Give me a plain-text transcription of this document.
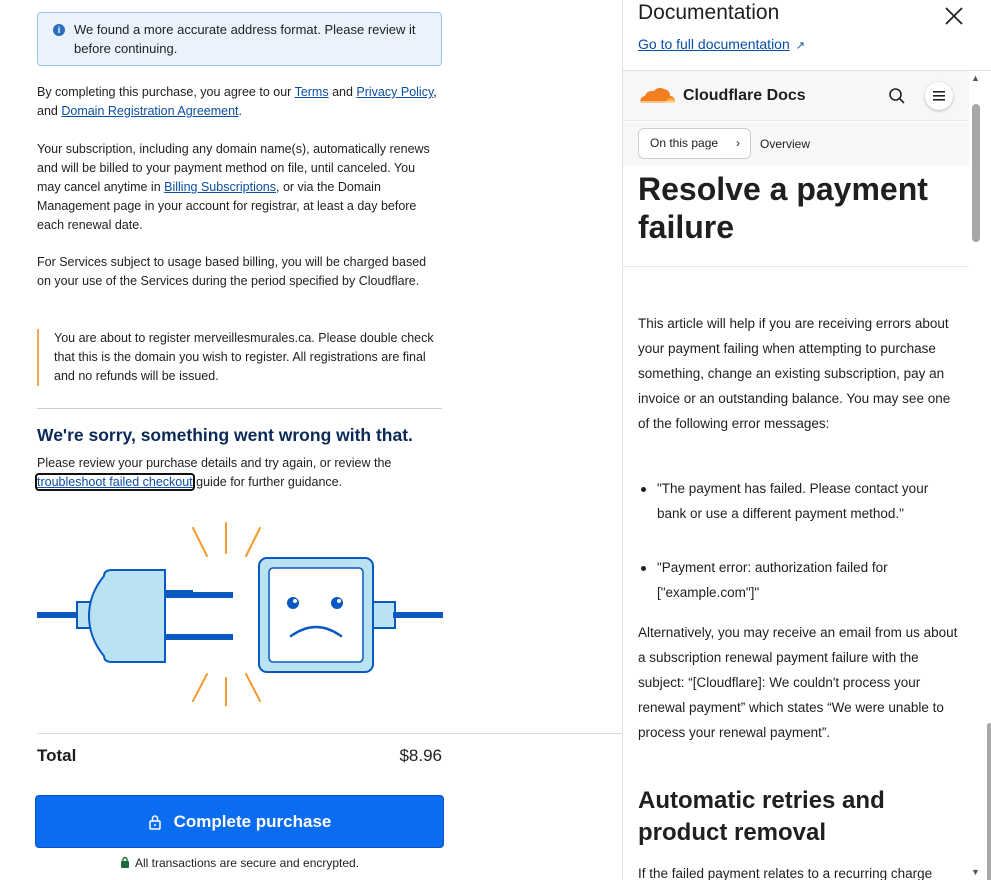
i	We found a more accurate address format. Please review it before continuing.
By completing this purchase, you agree to our Terms and Privacy Policy, and Domain Registration Agreement.
Your subscription, including any domain name(s), automatically renews and will be billed to your payment method on file, until canceled. You may cancel anytime in Billing Subscriptions, or via the Domain Management page in your account for registrar, at least a day before each renewal date.
For Services subject to usage based billing, you will be charged based on your use of the Services during the period specified by Cloudflare.
You are about to register merveillesmurales.ca. Please double check that this is the domain you wish to register. All registrations are final and no refunds will be issued.
We're sorry, something went wrong with that.
Please review your purchase details and try again, or review the troubleshoot failed checkout guide for further guidance.
Total	$8.96
Complete purchase
All transactions are secure and encrypted.
Documentation
Go to full documentation ↗
Cloudflare Docs
On this page › Overview
Resolve a payment failure
This article will help if you are receiving errors about your payment failing when attempting to purchase something, change an existing subscription, pay an invoice or an outstanding balance. You may see one of the following error messages:
"The payment has failed. Please contact your bank or use a different payment method."
"Payment error: authorization failed for ["example.com"]"
Alternatively, you may receive an email from us about a subscription renewal payment failure with the subject: “[Cloudflare]: We couldn't process your renewal payment” which states “We were unable to process your renewal payment”.
Automatic retries and product removal
If the failed payment relates to a recurring charge
▲
▼
